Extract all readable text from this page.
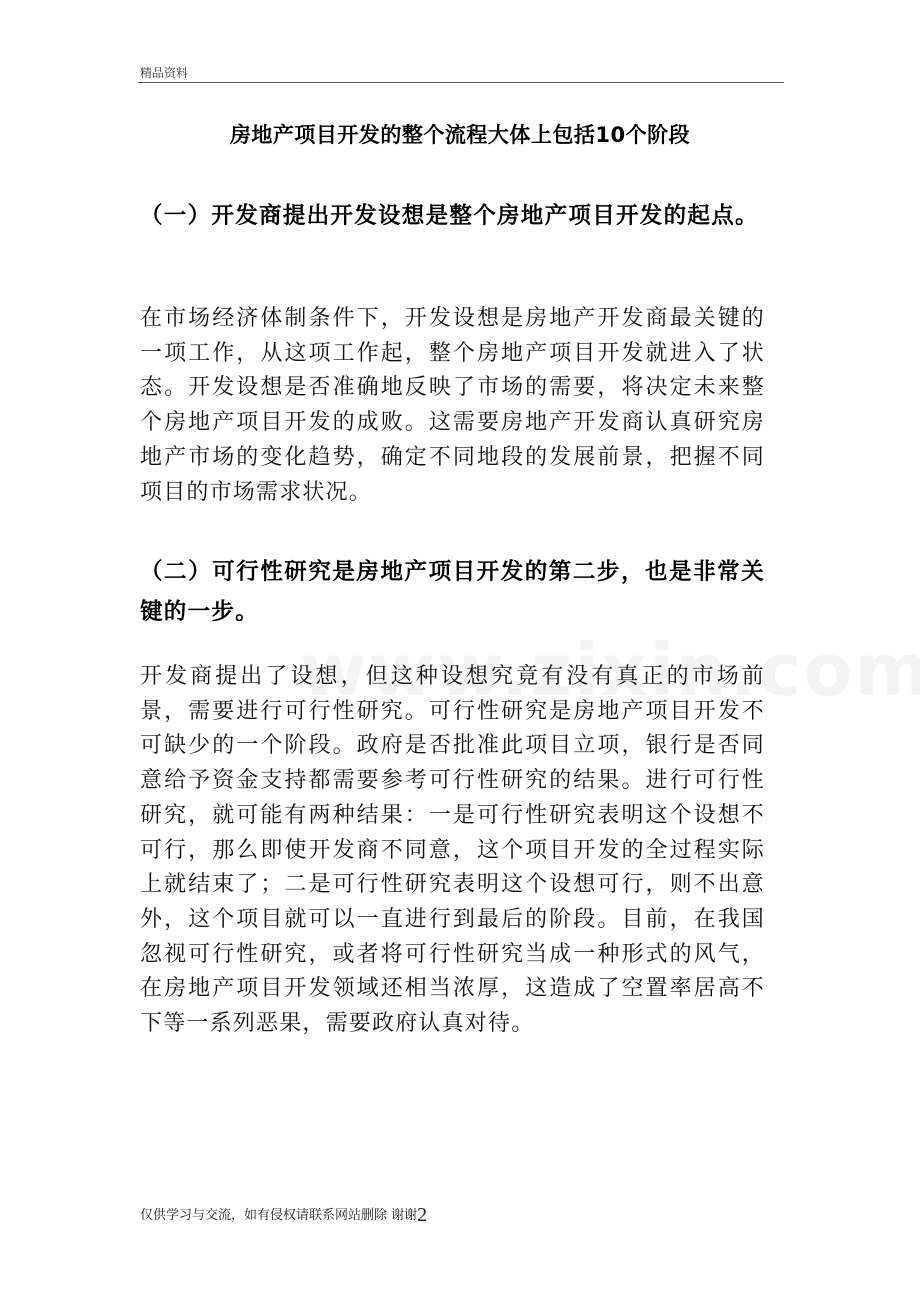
精品资料
房地产项目开发的整个流程大体上包括10个阶段
（一）开发商提出开发设想是整个房地产项目开发的起点。
在市场经济体制条件下，开发设想是房地产开发商最关键的一项工作，从这项工作起，整个房地产项目开发就进入了状态。开发设想是否准确地反映了市场的需要，将决定未来整个房地产项目开发的成败。这需要房地产开发商认真研究房地产市场的变化趋势，确定不同地段的发展前景，把握不同项目的市场需求状况。
（二）可行性研究是房地产项目开发的第二步，也是非常关键的一步。
开发商提出了设想，但这种设想究竟有没有真正的市场前景，需要进行可行性研究。可行性研究是房地产项目开发不可缺少的一个阶段。政府是否批准此项目立项，银行是否同意给予资金支持都需要参考可行性研究的结果。进行可行性研究，就可能有两种结果：一是可行性研究表明这个设想不可行，那么即使开发商不同意，这个项目开发的全过程实际上就结束了；二是可行性研究表明这个设想可行，则不出意外，这个项目就可以一直进行到最后的阶段。目前，在我国忽视可行性研究，或者将可行性研究当成一种形式的风气，在房地产项目开发领域还相当浓厚，这造成了空置率居高不下等一系列恶果，需要政府认真对待。
仅供学习与交流，如有侵权请联系网站删除 谢谢2
